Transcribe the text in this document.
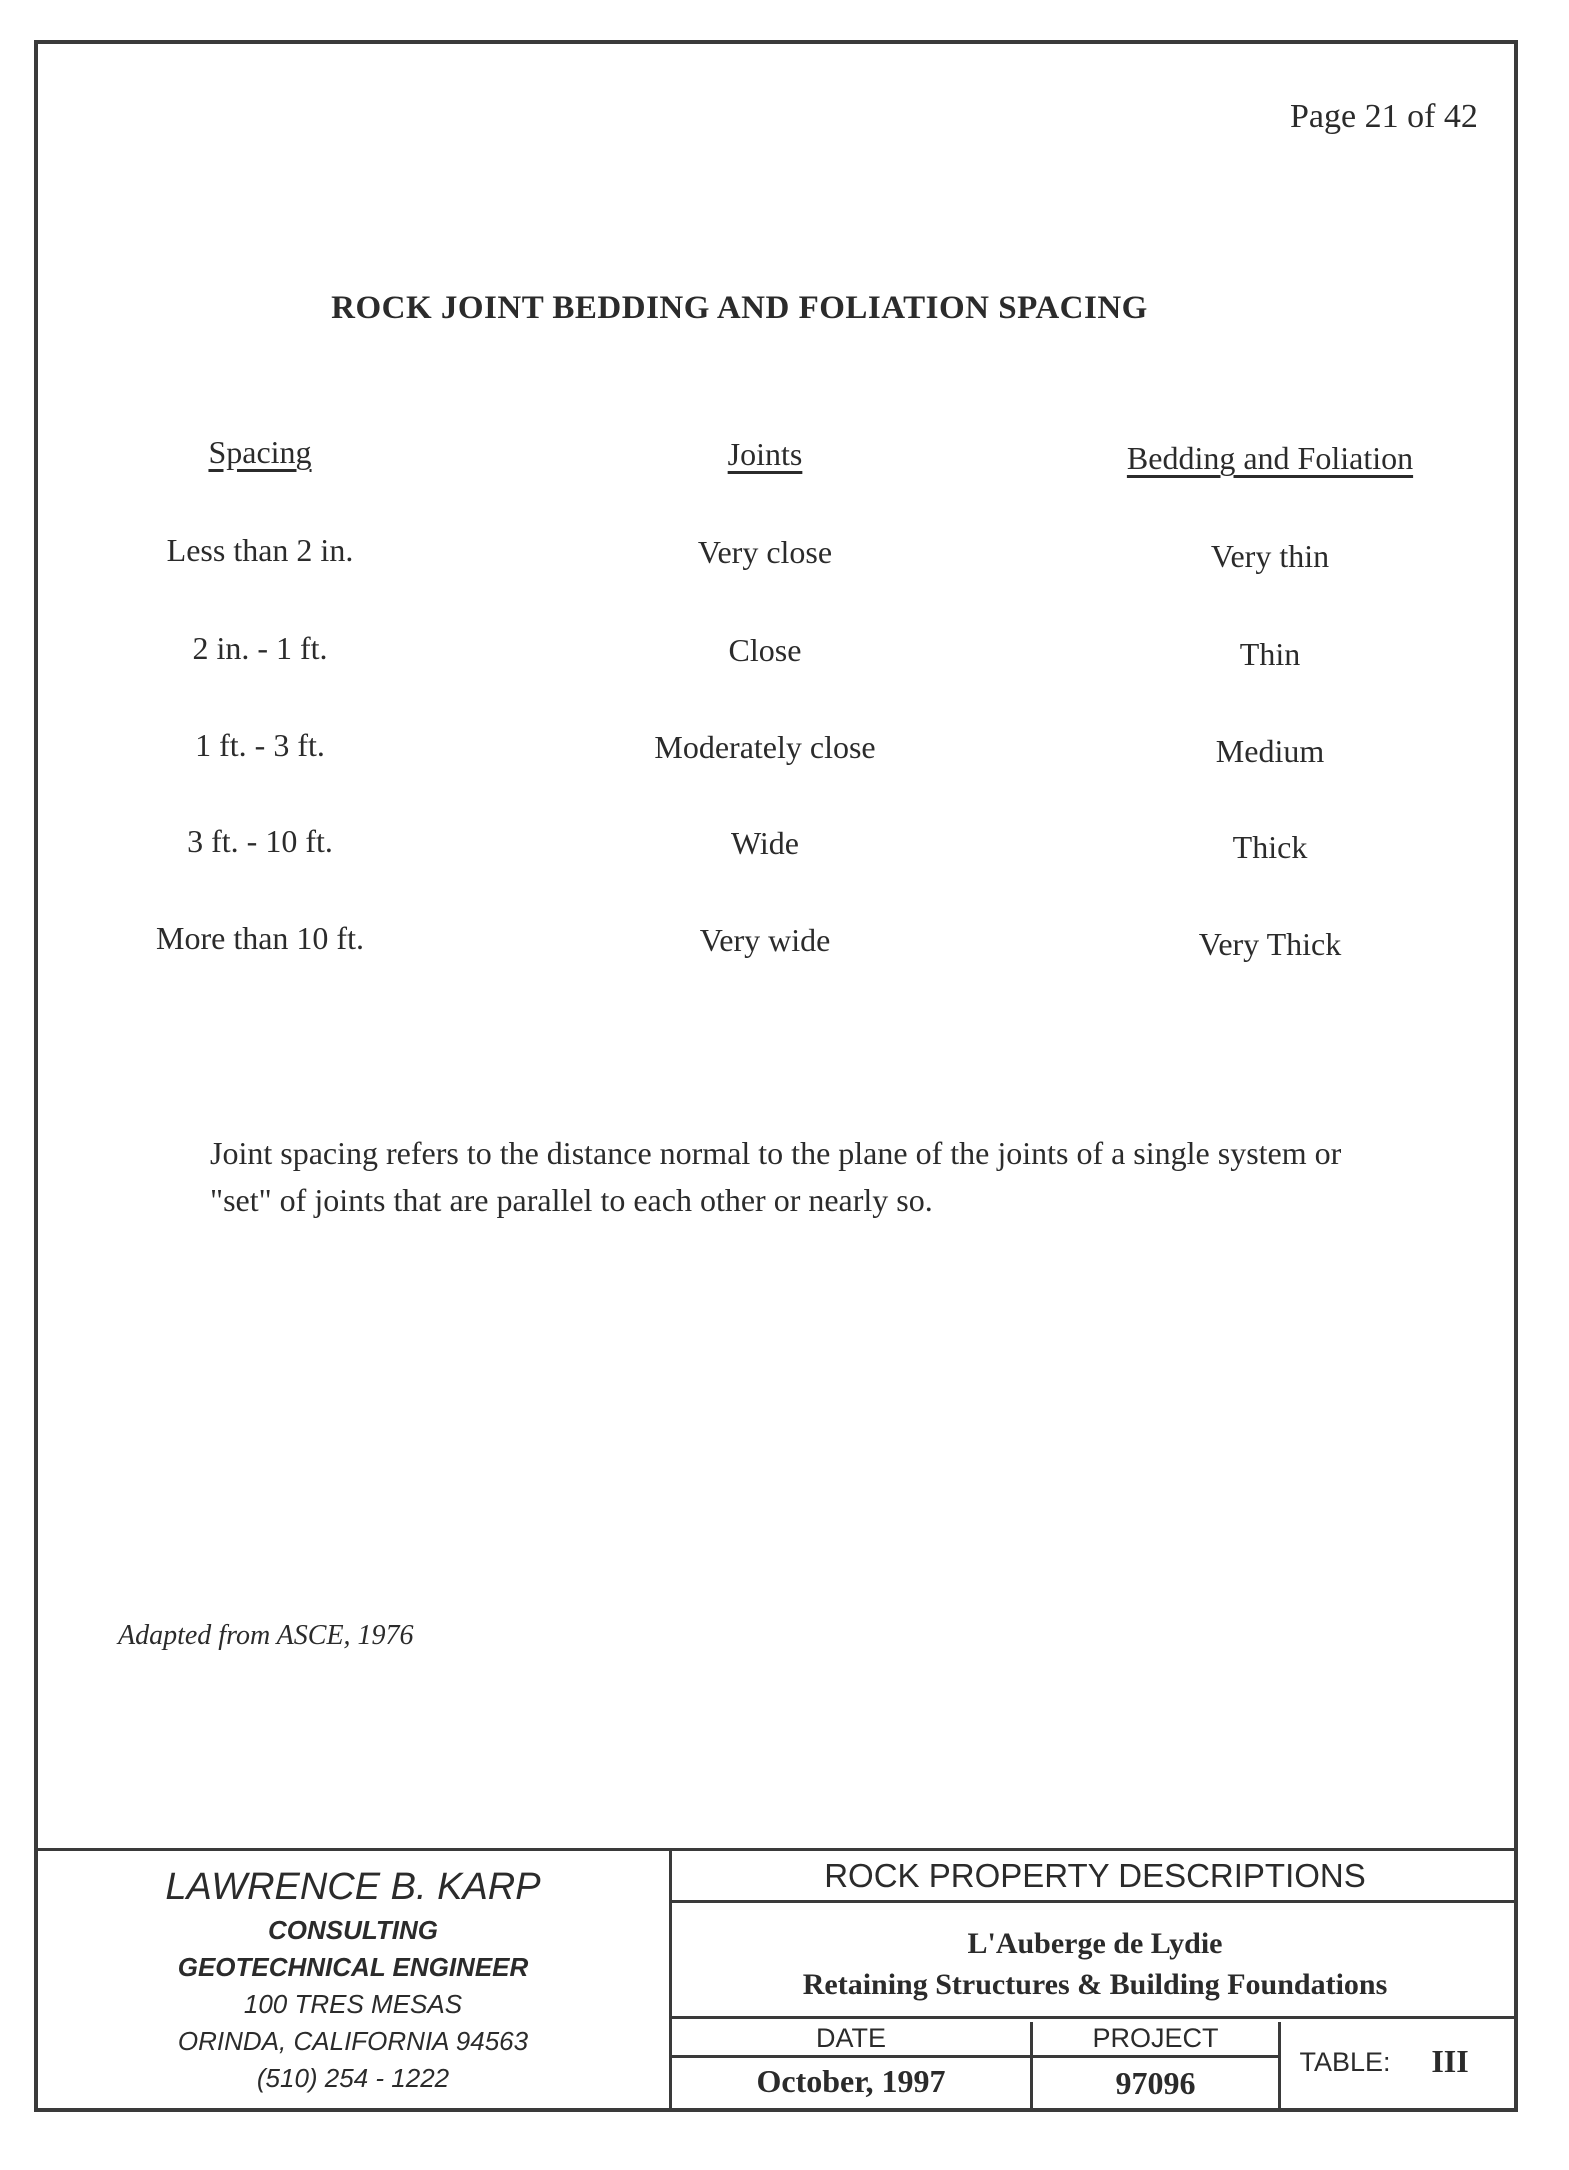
Page 21 of 42
ROCK JOINT BEDDING AND FOLIATION SPACING
Spacing	Joints	Bedding and Foliation
Less than 2 in.	Very close	Very thin
2 in. - 1 ft.	Close	Thin
1 ft. - 3 ft.	Moderately close	Medium
3 ft. - 10 ft.	Wide	Thick
More than 10 ft.	Very wide	Very Thick
Joint spacing refers to the distance normal to the plane of the joints of a single system or "set" of joints that are parallel to each other or nearly so.
Adapted from ASCE, 1976
LAWRENCE B. KARP
CONSULTING
GEOTECHNICAL ENGINEER
100 TRES MESAS
ORINDA, CALIFORNIA 94563
(510) 254 - 1222
ROCK PROPERTY DESCRIPTIONS
L'Auberge de Lydie
Retaining Structures & Building Foundations
DATE
October, 1997
PROJECT
97096
TABLE:	III
